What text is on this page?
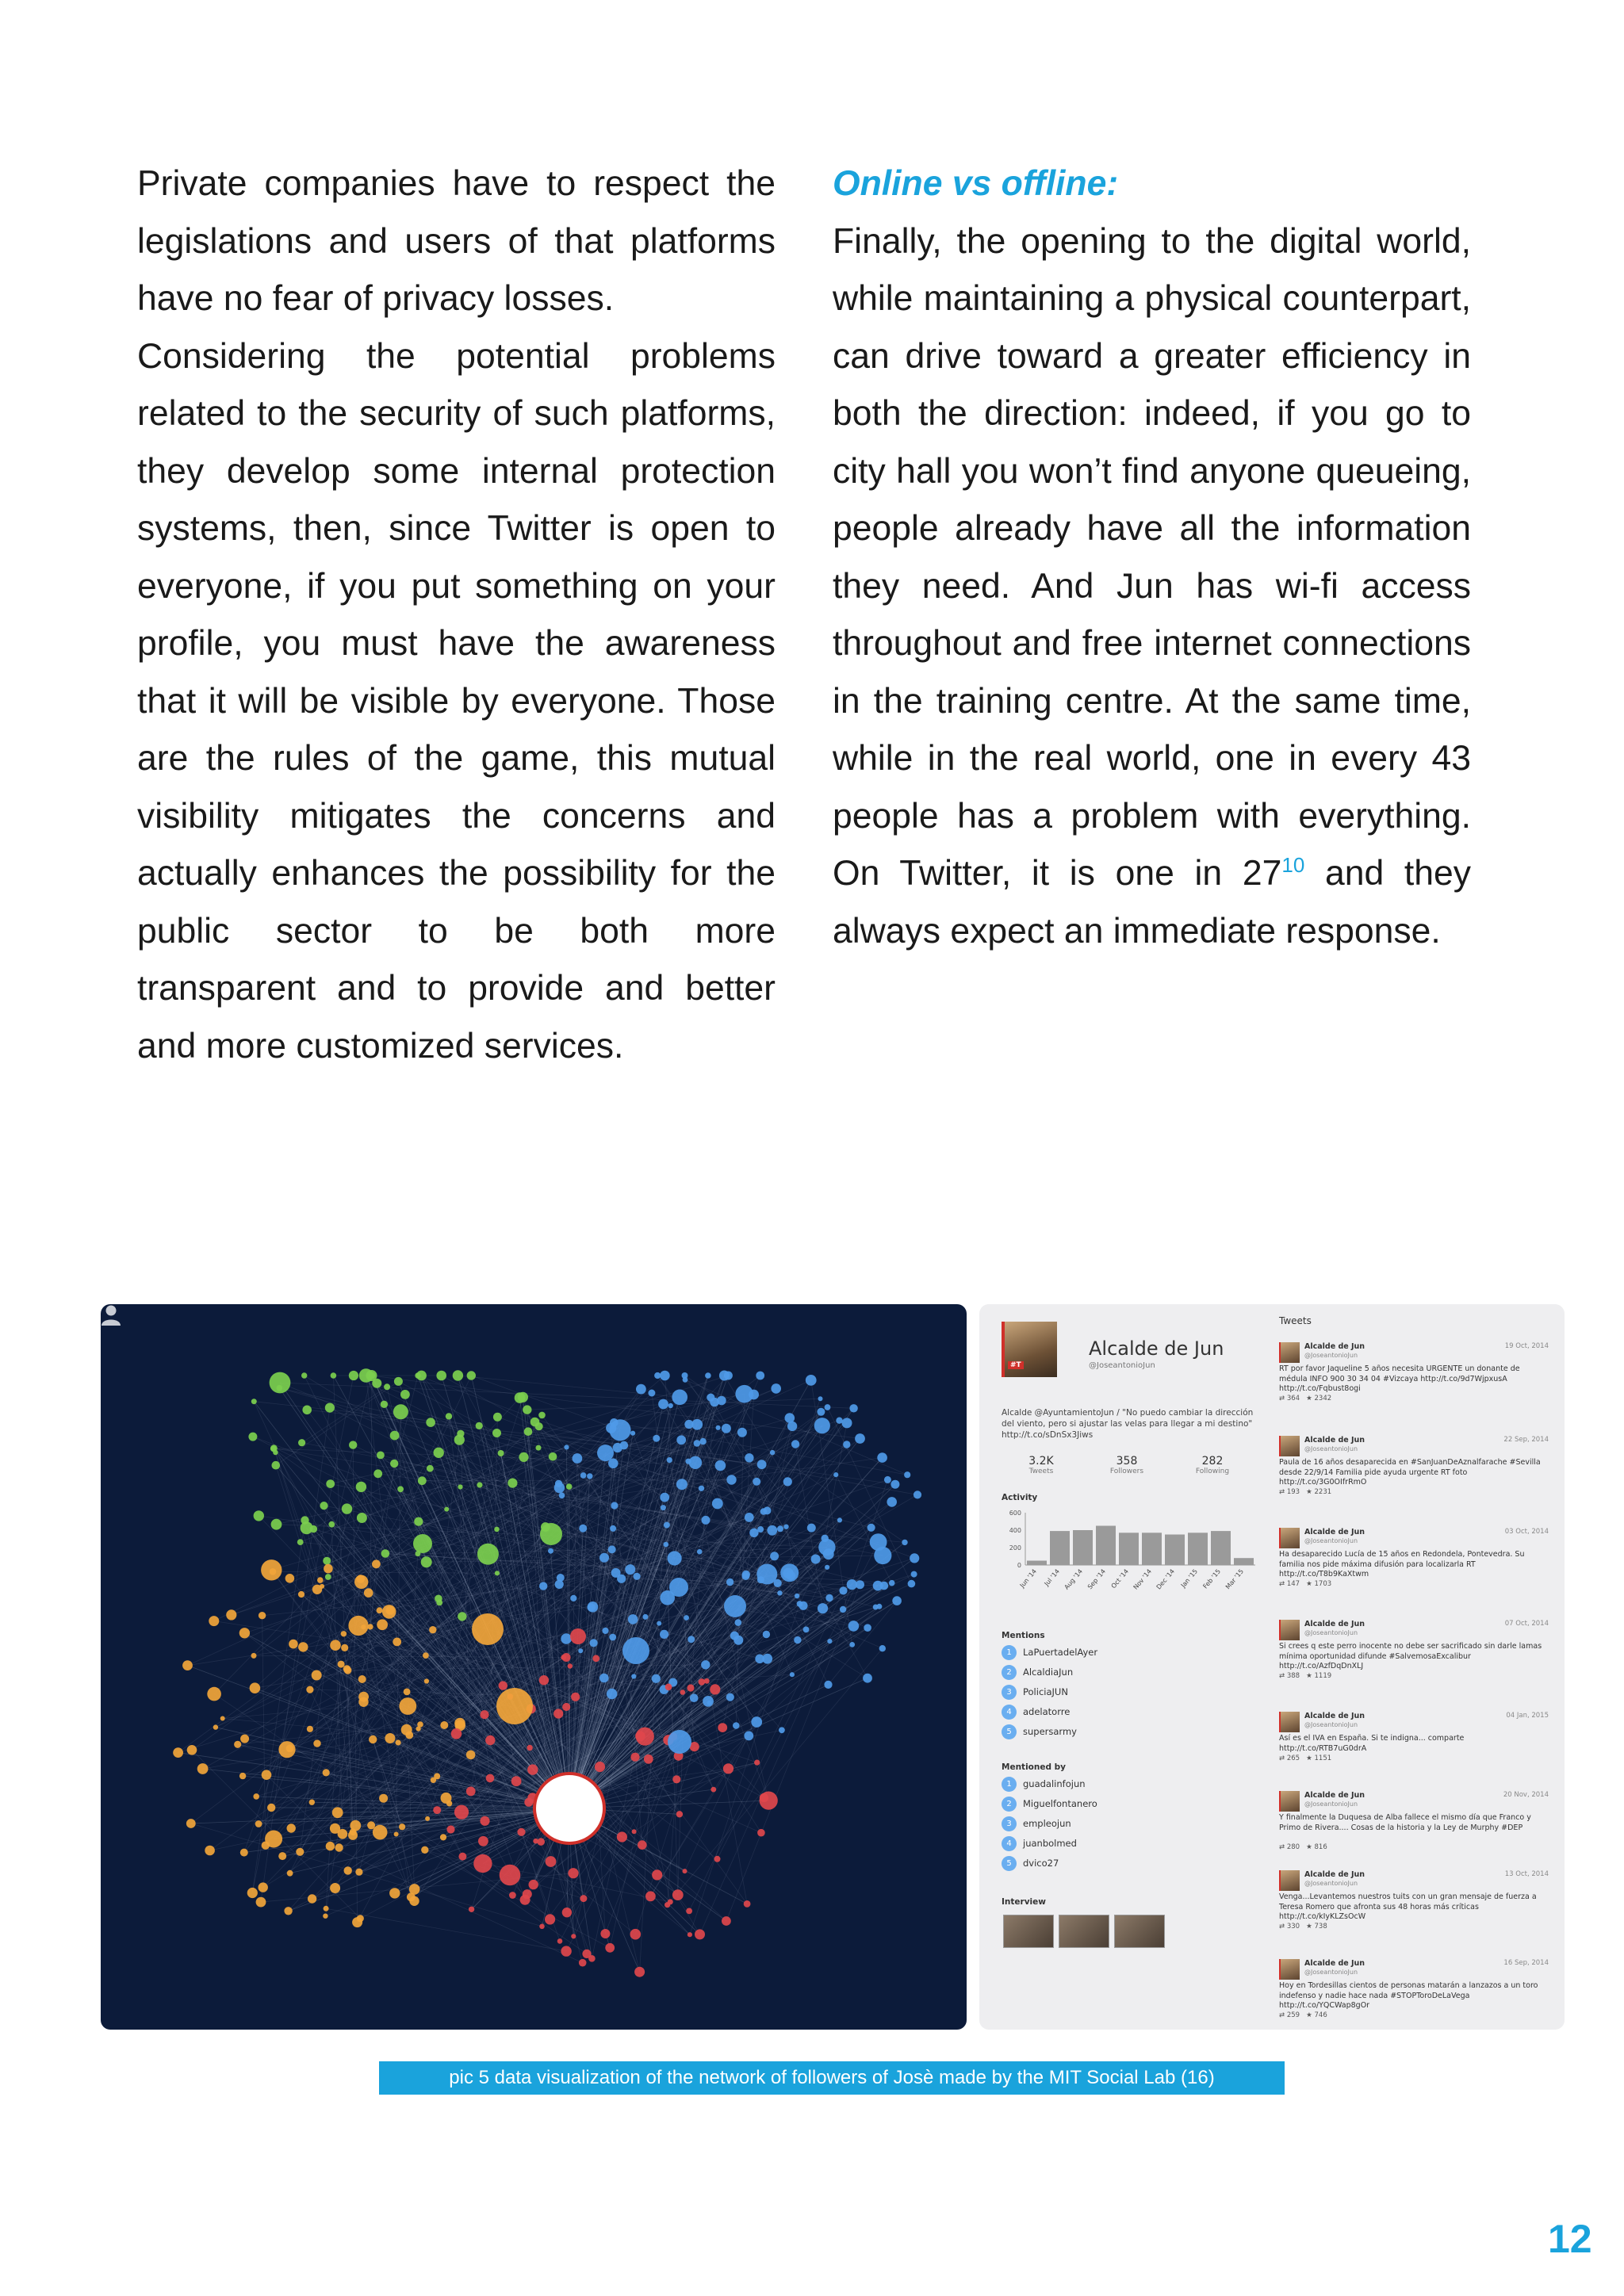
Private companies have to respect the legislations and users of that platforms have no fear of privacy losses.

Considering the potential problems related to the security of such platforms, they develop some internal protection systems, then, since Twitter is open to everyone, if you put something on your profile, you must have the awareness that it will be visible by everyone. Those are the rules of the game, this mutual visibility mitigates the concerns and actually enhances the possibility for the public sector to be both more transparent and to provide and better and more customized services.

Online vs offline:

Finally, the opening to the digital world, while maintaining a physical counterpart, can drive toward a greater efficiency in both the direction: indeed, if you go to city hall you won’t find anyone queueing, people already have all the information they need. And Jun has wi-fi access throughout and free internet connections in the training centre. At the same time, while in the real world, one in every 43 people has a problem with everything. On Twitter, it is one in $27^{10}$ and they always expect an immediate response.

#T
Alcalde de Jun
@JoseantonioJun
Alcalde @AyuntamientoJun / "No puedo cambiar la dirección del viento, pero si ajustar las velas para llegar a mi destino" http://t.co/sDnSx3Jiws
3.2K
Tweets
358
Followers
282
Following
Activity
600
400
200
0
Jun '14 Jul '14 Aug '14 Sep '14 Oct '14 Nov '14 Dec '14 Jan '15 Feb '15 Mar '15
Mentions
1 LaPuertadelAyer
2 AlcaldiaJun
3 PoliciaJUN
4 adelatorre
5 supersarmy
Mentioned by
1 guadalinfojun
2 Miguelfontanero
3 empleojun
4 juanbolmed
5 dvico27
Interview
Tweets
Alcalde de Jun
@JoseantonioJun
19 Oct, 2014
RT por favor Jaqueline 5 años necesita URGENTE un donante de médula INFO 900 30 34 04 #Vizcaya http://t.co/9d7WjpxusA http://t.co/Fqbust8ogi
⇄ 364 ★ 2342
Alcalde de Jun
@JoseantonioJun
22 Sep, 2014
Paula de 16 años desaparecida en #SanJuanDeAznalfarache #Sevilla desde 22/9/14 Familia pide ayuda urgente RT foto http://t.co/3G0OIfrRmO
⇄ 193 ★ 2231
Alcalde de Jun
@JoseantonioJun
03 Oct, 2014
Ha desaparecido Lucía de 15 años en Redondela, Pontevedra. Su familia nos pide máxima difusión para localizarla RT http://t.co/T8b9KaXtwm
⇄ 147 ★ 1703
Alcalde de Jun
@JoseantonioJun
07 Oct, 2014
Si crees q este perro inocente no debe ser sacrificado sin darle lamas mínima oportunidad difunde #SalvemosaExcalibur http://t.co/AzfDqDnXLJ
⇄ 388 ★ 1119
Alcalde de Jun
@JoseantonioJun
04 Jan, 2015
Así es el IVA en España. Si te indigna... comparte http://t.co/RTB7uG0drA
⇄ 265 ★ 1151
Alcalde de Jun
@JoseantonioJun
20 Nov, 2014
Y finalmente la Duquesa de Alba fallece el mismo día que Franco y Primo de Rivera.... Cosas de la historia y la Ley de Murphy #DEP
⇄ 280 ★ 816
Alcalde de Jun
@JoseantonioJun
13 Oct, 2014
Venga...Levantemos nuestros tuits con un gran mensaje de fuerza a Teresa Romero que afronta sus 48 horas más críticas http://t.co/kIyKLZsOcW
⇄ 330 ★ 738
Alcalde de Jun
@JoseantonioJun
16 Sep, 2014
Hoy en Tordesillas cientos de personas matarán a lanzazos a un toro indefenso y nadie hace nada #STOPToroDeLaVega http://t.co/YQCWap8gOr
⇄ 259 ★ 746
pic 5 data visualization of the network of followers of Josè made by the MIT Social Lab (16)
12
